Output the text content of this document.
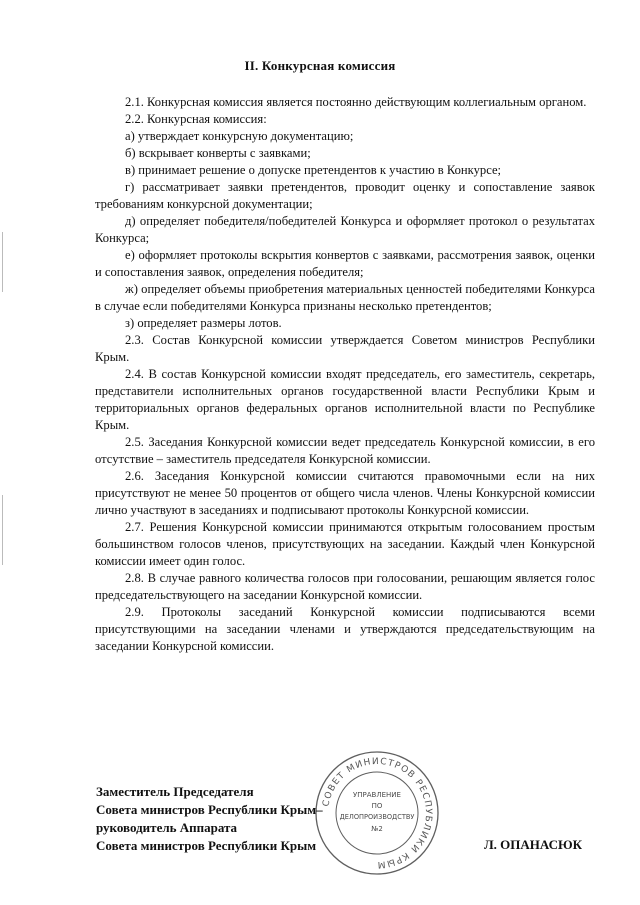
II. Конкурсная комиссия

2.1. Конкурсная комиссия является постоянно действующим коллегиальным органом.

2.2. Конкурсная комиссия:

а) утверждает конкурсную документацию;

б) вскрывает конверты с заявками;

в) принимает решение о допуске претендентов к участию в Конкурсе;

г) рассматривает заявки претендентов, проводит оценку и сопоставление заявок требованиям конкурсной документации;

д) определяет победителя/победителей Конкурса и оформляет протокол о результатах Конкурса;

е) оформляет протоколы вскрытия конвертов с заявками, рассмотрения заявок, оценки и сопоставления заявок, определения победителя;

ж) определяет объемы приобретения материальных ценностей победителями Конкурса в случае если победителями Конкурса признаны несколько претендентов;

з) определяет размеры лотов.

2.3. Состав Конкурсной комиссии утверждается Советом министров Республики Крым.

2.4. В состав Конкурсной комиссии входят председатель, его заместитель, секретарь, представители исполнительных органов государственной власти Республики Крым и территориальных органов федеральных органов исполнительной власти по Республике Крым.

2.5. Заседания Конкурсной комиссии ведет председатель Конкурсной комиссии, в его отсутствие – заместитель председателя Конкурсной комиссии.

2.6. Заседания Конкурсной комиссии считаются правомочными если на них присутствуют не менее 50 процентов от общего числа членов. Члены Конкурсной комиссии лично участвуют в заседаниях и подписывают протоколы Конкурсной комиссии.

2.7. Решения Конкурсной комиссии принимаются открытым голосованием простым большинством голосов членов, присутствующих на заседании. Каждый член Конкурсной комиссии имеет один голос.

2.8. В случае равного количества голосов при голосовании, решающим является голос председательствующего на заседании Конкурсной комиссии.

2.9. Протоколы заседаний Конкурсной комиссии подписываются всеми присутствующими на заседании членами и утверждаются председательствующим на заседании Конкурсной комиссии.

Заместитель Председателя
Совета министров Республики Крым–
руководитель Аппарата
Совета министров Республики Крым	Л. ОПАНАСЮК
СОВЕТ МИНИСТРОВ РЕСПУБЛИКИ КРЫМ
УПРАВЛЕНИЕ
ПО
ДЕЛОПРОИЗВОДСТВУ
№2
